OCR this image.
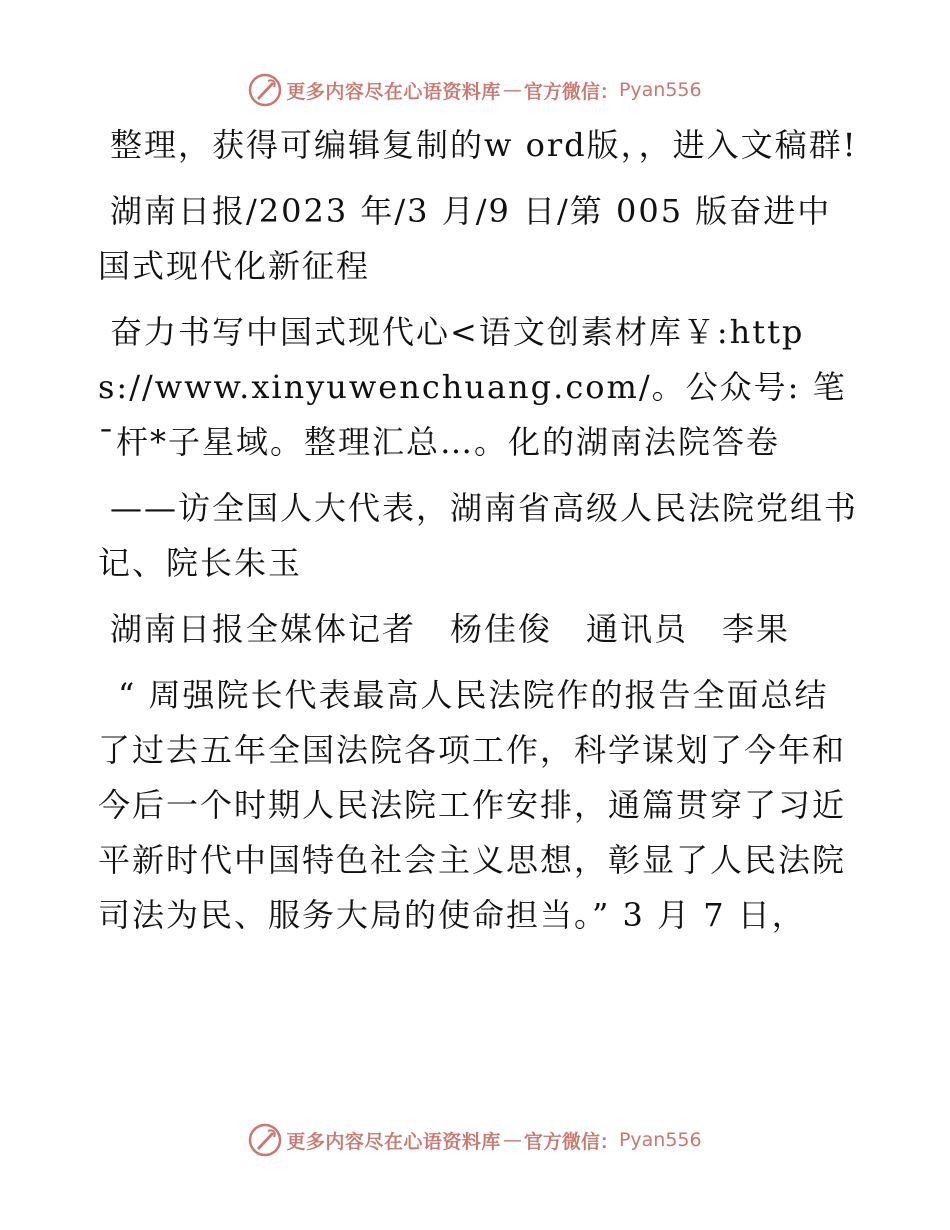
更多内容尽在心语资料库 — 官方微信： Pyan556

整理，获得可编辑复制的w ord版，，进入文稿群!

湖南日报/2023 年/3 月/9 日/第 005 版奋进中国式现代化新征程

奋力书写中国式现代心<语文创素材库￥:https://www.xinyuwenchuang.com/。公众号: 笔¯杆*子星域。整理汇总…。化的湖南法院答卷

——访全国人大代表，湖南省高级人民法院党组书记、院长朱玉

湖南日报全媒体记者　杨佳俊　通讯员　李果

“ 周强院长代表最高人民法院作的报告全面总结了过去五年全国法院各项工作，科学谋划了今年和今后一个时期人民法院工作安排，通篇贯穿了习近平新时代中国特色社会主义思想，彰显了人民法院司法为民、服务大局的使命担当。” 3 月 7 日，

更多内容尽在心语资料库 — 官方微信： Pyan556
